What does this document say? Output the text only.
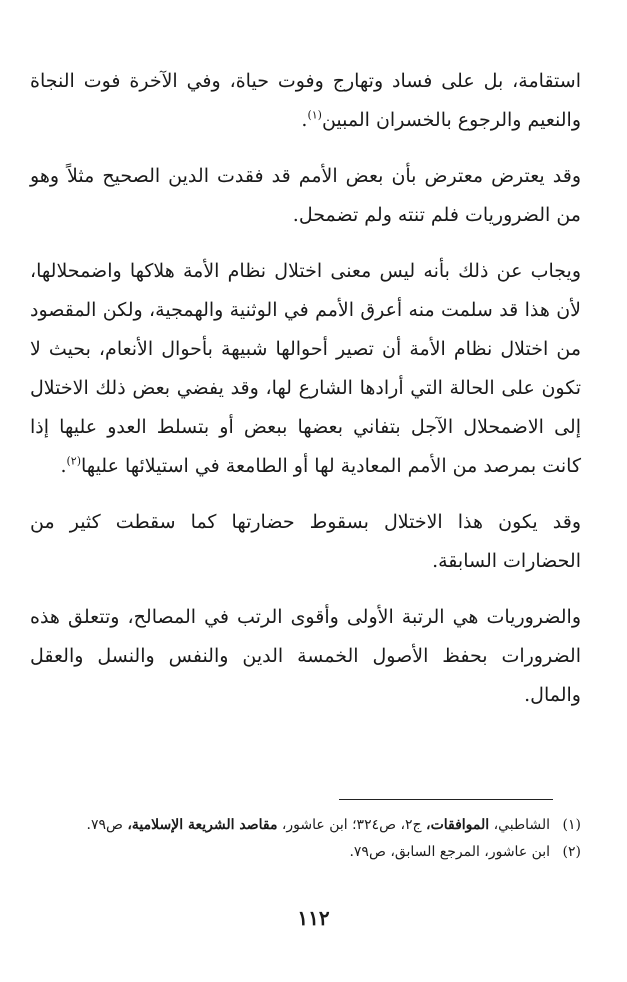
استقامة، بل على فساد وتهارج وفوت حياة، وفي الآخرة فوت النجاة والنعيم والرجوع بالخسران المبين$^{(١)}$.

وقد يعترض معترض بأن بعض الأمم قد فقدت الدين الصحيح مثلاً وهو من الضروريات فلم تنته ولم تضمحل.

ويجاب عن ذلك بأنه ليس معنى اختلال نظام الأمة هلاكها واضمحلالها، لأن هذا قد سلمت منه أعرق الأمم في الوثنية والهمجية، ولكن المقصود من اختلال نظام الأمة أن تصير أحوالها شبيهة بأحوال الأنعام، بحيث لا تكون على الحالة التي أرادها الشارع لها، وقد يفضي بعض ذلك الاختلال إلى الاضمحلال الآجل بتفاني بعضها ببعض أو بتسلط العدو عليها إذا كانت بمرصد من الأمم المعادية لها أو الطامعة في استيلائها عليها$^{(٢)}$.

وقد يكون هذا الاختلال بسقوط حضارتها كما سقطت كثير من الحضارات السابقة.

والضروريات هي الرتبة الأولى وأقوى الرتب في المصالح، وتتعلق هذه الضرورات بحفظ الأصول الخمسة الدين والنفس والنسل والعقل والمال.

(١) الشاطبي، الموافقات، ج٢، ص٣٢٤؛ ابن عاشور، مقاصد الشريعة الإسلامية، ص٧٩.

(٢) ابن عاشور، المرجع السابق، ص٧٩.

١١٢
